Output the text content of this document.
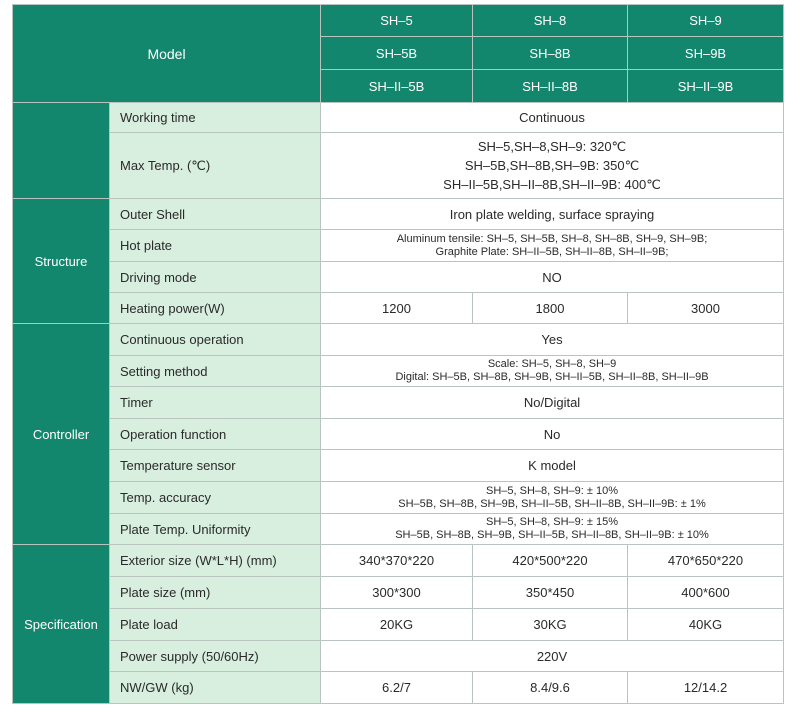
Model		SH–5	SH–8	SH–9
		SH–5B	SH–8B	SH–9B
		SH–II–5B	SH–II–8B	SH–II–9B
	Working time	Continuous		
	Max Temp. (℃)	SH–5,SH–8,SH–9: 320℃
SH–5B,SH–8B,SH–9B: 350℃
SH–II–5B,SH–II–8B,SH–II–9B: 400℃		

Structure	Outer Shell	Iron plate welding, surface spraying		
	Hot plate	Aluminum tensile: SH–5, SH–5B, SH–8, SH–8B, SH–9, SH–9B;
Graphite Plate: SH–II–5B, SH–II–8B, SH–II–9B;		

	Driving mode	NO		
	Heating power(W)	1200	1800	3000
Controller	Continuous operation	Yes		
	Setting method	Scale: SH–5, SH–8, SH–9
Digital: SH–5B, SH–8B, SH–9B, SH–II–5B, SH–II–8B, SH–II–9B		

	Timer	No/Digital		
	Operation function	No		
	Temperature sensor	K model		
	Temp. accuracy	SH–5, SH–8, SH–9: ± 10%
SH–5B, SH–8B, SH–9B, SH–II–5B, SH–II–8B, SH–II–9B: ± 1%		

	Plate Temp. Uniformity	SH–5, SH–8, SH–9: ± 15%
SH–5B, SH–8B, SH–9B, SH–II–5B, SH–II–8B, SH–II–9B: ± 10%		

Specification	Exterior size (W*L*H) (mm)	340*370*220	420*500*220	470*650*220
	Plate size (mm)	300*300	350*450	400*600
	Plate load	20KG	30KG	40KG
	Power supply (50/60Hz)	220V		
	NW/GW (kg)	6.2/7	8.4/9.6	12/14.2
